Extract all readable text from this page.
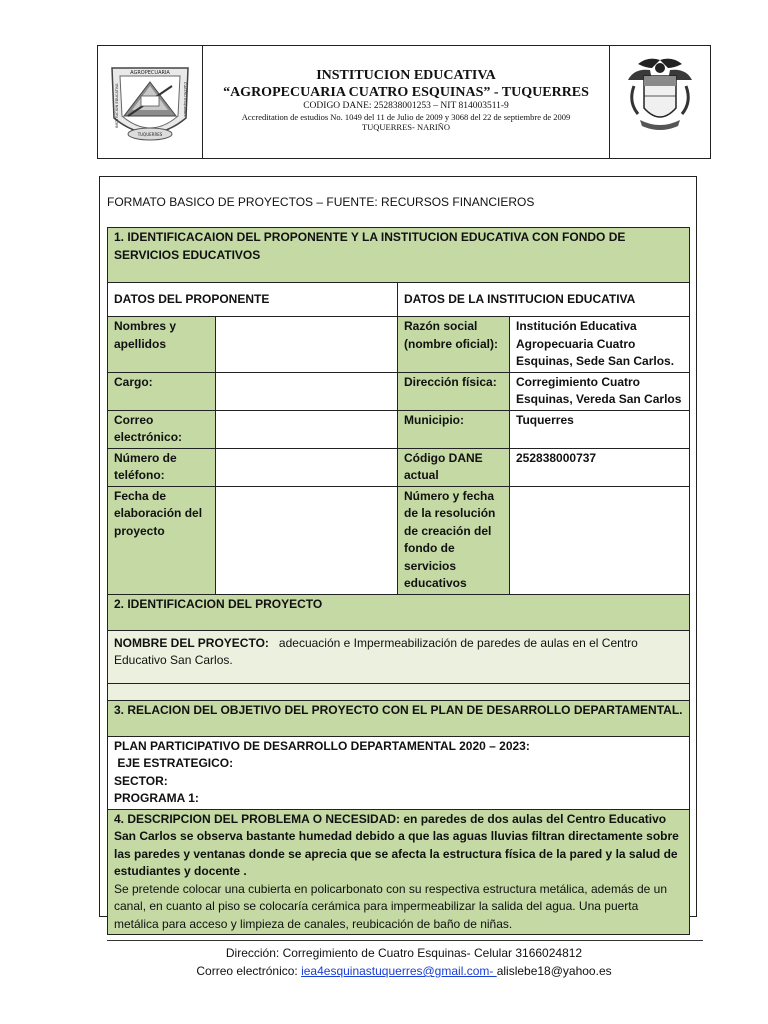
AGROPECUARIA
TUQUERRES
INSTITUCION EDUCATIVA	CUATRO ESQUINAS
INSTITUCION EDUCATIVA
“AGROPECUARIA CUATRO ESQUINAS” - TUQUERRES
CODIGO DANE: 252838001253 – NIT 814003511-9
Accreditation de estudios No. 1049 del 11 de Julio de 2009 y 3068 del 22 de septiembre de 2009
TUQUERRES- NARIÑO
FORMATO BASICO DE PROYECTOS – FUENTE: RECURSOS FINANCIEROS
1. IDENTIFICACAION DEL PROPONENTE Y LA INSTITUCION EDUCATIVA CON FONDO DE SERVICIOS EDUCATIVOS			
DATOS DEL PROPONENTE		DATOS DE LA INSTITUCION EDUCATIVA	
Nombres y apellidos		Razón social (nombre oficial):	Institución Educativa Agropecuaria Cuatro Esquinas, Sede San Carlos.
Cargo:		Dirección física:	Corregimiento Cuatro Esquinas, Vereda San Carlos
Correo electrónico:		Municipio:	Tuquerres
Número de teléfono:		Código DANE actual	252838000737
Fecha de elaboración del proyecto		Número y fecha de la resolución de creación del fondo de servicios educativos	
2. IDENTIFICACION DEL PROYECTO			
NOMBRE DEL PROYECTO: adecuación e Impermeabilización de paredes de aulas en el Centro Educativo San Carlos.			

3. RELACION DEL OBJETIVO DEL PROYECTO CON EL PLAN DE DESARROLLO DEPARTAMENTAL.			

PLAN PARTICIPATIVO DE DESARROLLO DEPARTAMENTAL 2020 – 2023:
EJE ESTRATEGICO:
SECTOR:
PROGRAMA 1:			

4. DESCRIPCION DEL PROBLEMA O NECESIDAD: en paredes de dos aulas del Centro Educativo San Carlos se observa bastante humedad debido a que las aguas lluvias filtran directamente sobre las paredes y ventanas donde se aprecia que se afecta la estructura física de la pared y la salud de estudiantes y docente .
Se pretende colocar una cubierta en policarbonato con su respectiva estructura metálica, además de un canal, en cuanto al piso se colocaría cerámica para impermeabilizar la salida del agua. Una puerta metálica para acceso y limpieza de canales, reubicación de baño de niñas.			
Dirección: Corregimiento de Cuatro Esquinas- Celular 3166024812
Correo electrónico: iea4esquinastuquerres@gmail.com- alislebe18@yahoo.es
